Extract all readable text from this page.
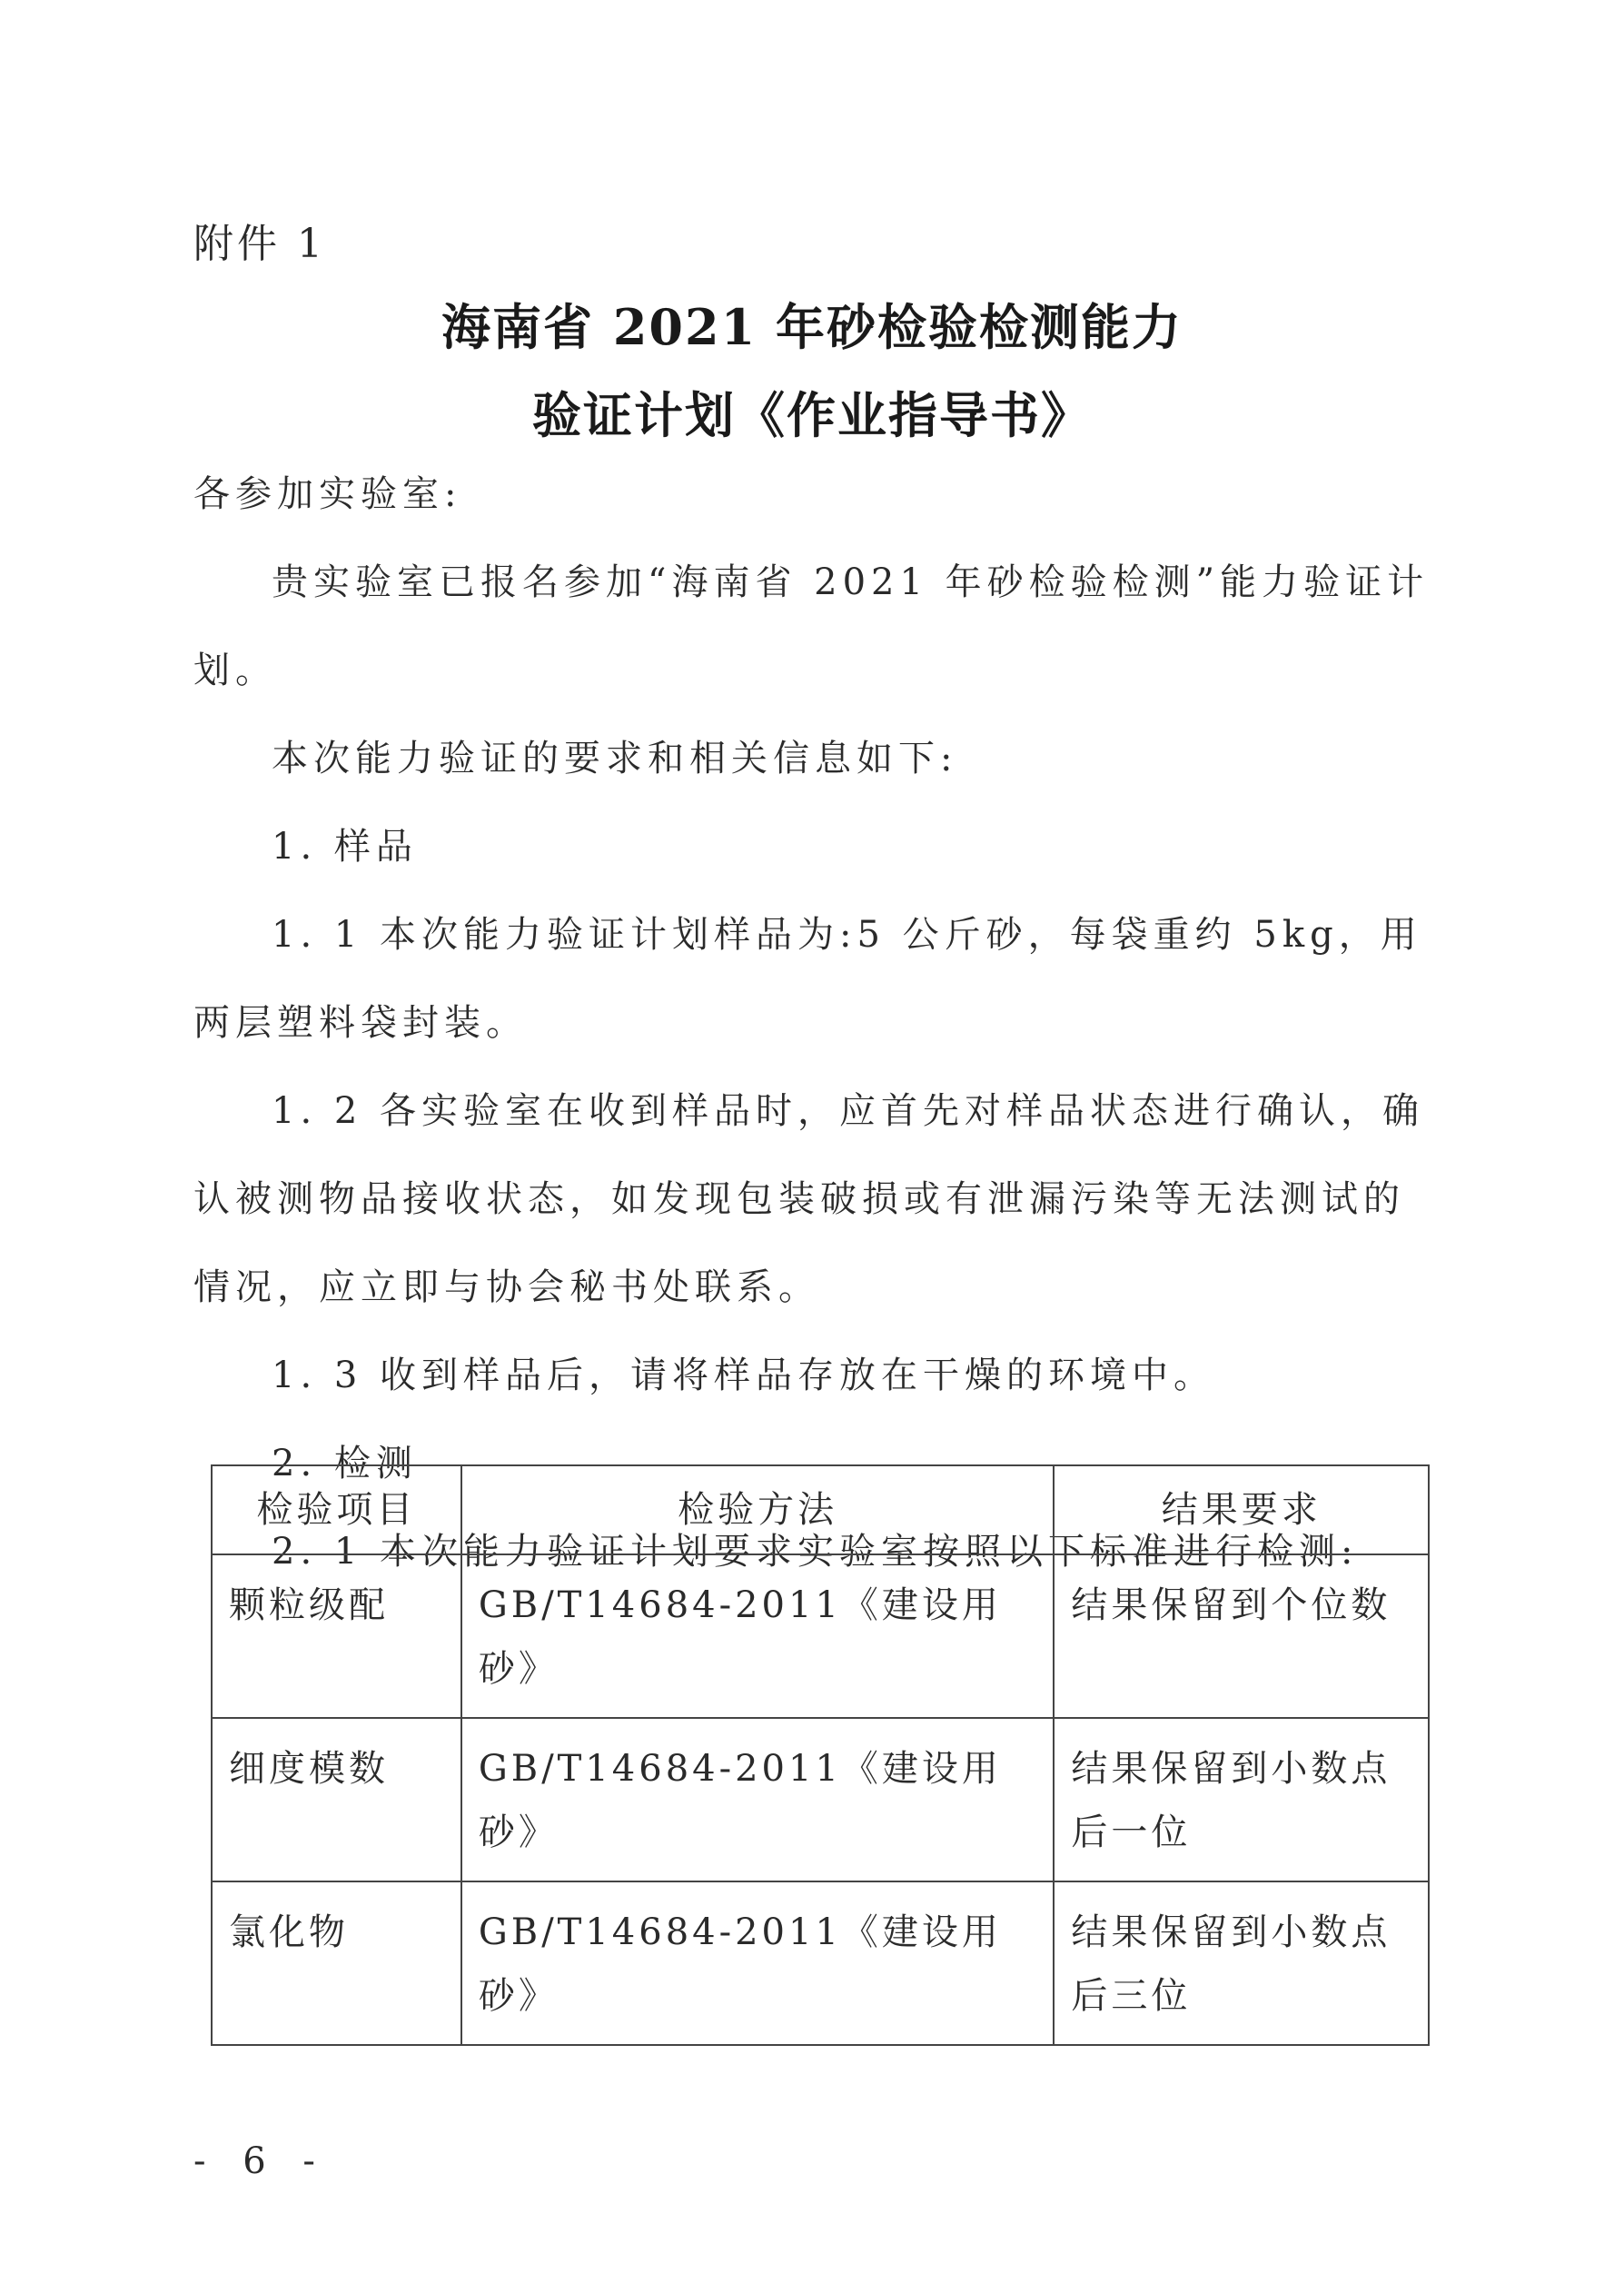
附件 1
海南省 2021 年砂检验检测能力
验证计划《作业指导书》

各参加实验室:

贵实验室已报名参加“海南省 2021 年砂检验检测”能力验证计划。

本次能力验证的要求和相关信息如下:

1. 样品

1. 1 本次能力验证计划样品为:5 公斤砂，每袋重约 5kg，用两层塑料袋封装。

1. 2 各实验室在收到样品时，应首先对样品状态进行确认，确认被测物品接收状态，如发现包装破损或有泄漏污染等无法测试的情况，应立即与协会秘书处联系。

1. 3 收到样品后，请将样品存放在干燥的环境中。

2. 检测

2. 1 本次能力验证计划要求实验室按照以下标准进行检测:

检验项目	检验方法	结果要求
颗粒级配	GB/T14684-2011《建设用砂》	结果保留到个位数
细度模数	GB/T14684-2011《建设用砂》	结果保留到小数点后一位
氯化物	GB/T14684-2011《建设用砂》	结果保留到小数点后三位
- 6 -
